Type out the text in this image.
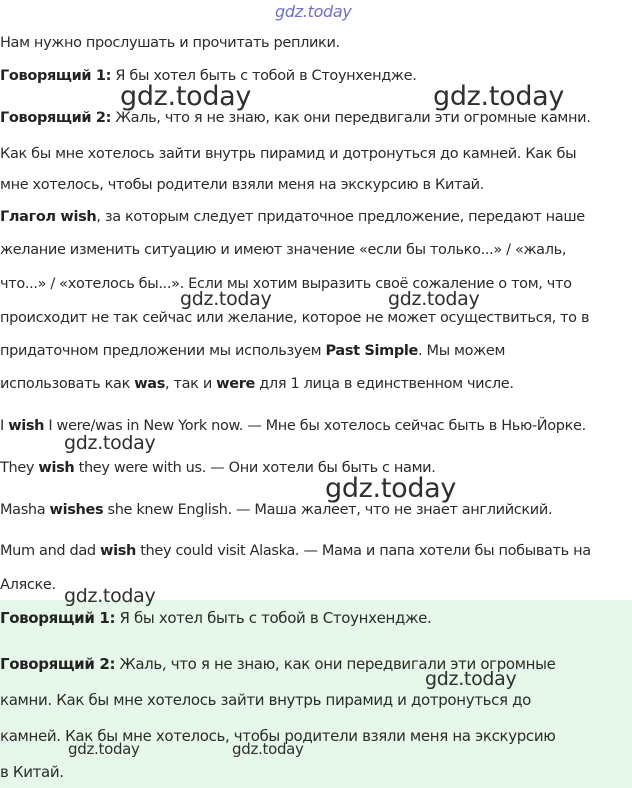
gdz.today
Нам нужно прослушать и прочитать реплики.
Говорящий 1: Я бы хотел быть с тобой в Стоунхендже.
Говорящий 2: Жаль, что я не знаю, как они передвигали эти огромные камни.
Как бы мне хотелось зайти внутрь пирамид и дотронуться до камней. Как бы
мне хотелось, чтобы родители взяли меня на экскурсию в Китай.
Глагол wish, за которым следует придаточное предложение, передают наше
желание изменить ситуацию и имеют значение «если бы только...» / «жаль,
что...» / «хотелось бы...». Если мы хотим выразить своё сожаление о том, что
происходит не так сейчас или желание, которое не может осуществиться, то в
придаточном предложении мы используем Past Simple. Мы можем
использовать как was, так и were для 1 лица в единственном числе.
I wish I were/was in New York now. — Мне бы хотелось сейчас быть в Нью-Йорке.
They wish they were with us. — Они хотели бы быть с нами.
Masha wishes she knew English. — Маша жалеет, что не знает английский.
Mum and dad wish they could visit Alaska. — Мама и папа хотели бы побывать на
Аляске.
Говорящий 1: Я бы хотел быть с тобой в Стоунхендже.
Говорящий 2: Жаль, что я не знаю, как они передвигали эти огромные
камни. Как бы мне хотелось зайти внутрь пирамид и дотронуться до
камней. Как бы мне хотелось, чтобы родители взяли меня на экскурсию
в Китай.
gdz.today	gdz.today
gdz.today	gdz.today
gdz.today
gdz.today
gdz.today
gdz.today
gdz.today	gdz.today
